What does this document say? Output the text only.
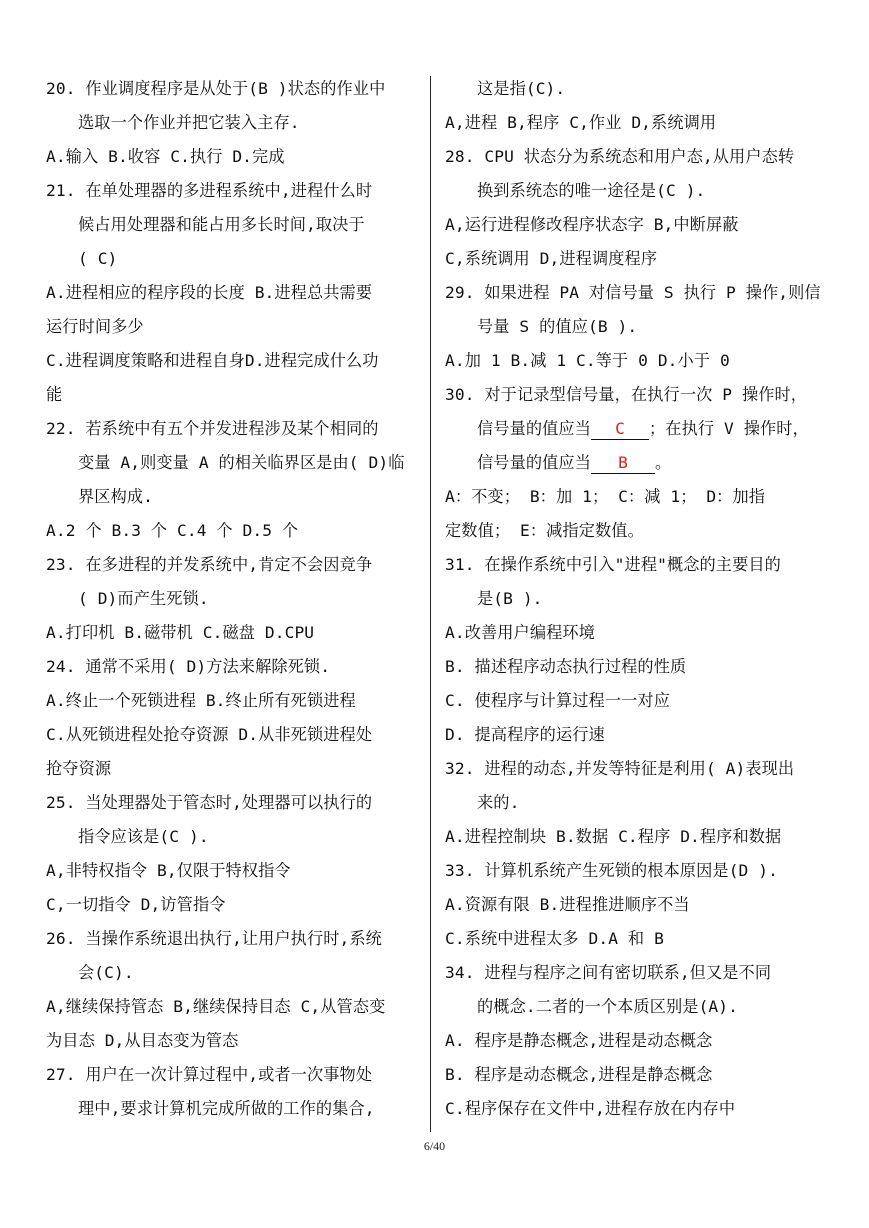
20. 作业调度程序是从处于(B )状态的作业中
选取一个作业并把它装入主存.
A.输入 B.收容 C.执行 D.完成
21. 在单处理器的多进程系统中,进程什么时
候占用处理器和能占用多长时间,取决于
( C)
A.进程相应的程序段的长度 B.进程总共需要
运行时间多少
C.进程调度策略和进程自身D.进程完成什么功
能
22. 若系统中有五个并发进程涉及某个相同的
变量 A,则变量 A 的相关临界区是由( D)临
界区构成.
A.2 个 B.3 个 C.4 个 D.5 个
23. 在多进程的并发系统中,肯定不会因竞争
( D)而产生死锁.
A.打印机 B.磁带机 C.磁盘 D.CPU
24. 通常不采用( D)方法来解除死锁.
A.终止一个死锁进程 B.终止所有死锁进程
C.从死锁进程处抢夺资源 D.从非死锁进程处
抢夺资源
25. 当处理器处于管态时,处理器可以执行的
指令应该是(C ).
A,非特权指令 B,仅限于特权指令
C,一切指令 D,访管指令
26. 当操作系统退出执行,让用户执行时,系统
会(C).
A,继续保持管态 B,继续保持目态 C,从管态变
为目态 D,从目态变为管态
27. 用户在一次计算过程中,或者一次事物处
理中,要求计算机完成所做的工作的集合,
这是指(C).
A,进程 B,程序 C,作业 D,系统调用
28. CPU 状态分为系统态和用户态,从用户态转
换到系统态的唯一途径是(C ).
A,运行进程修改程序状态字 B,中断屏蔽
C,系统调用 D,进程调度程序
29. 如果进程 PA 对信号量 S 执行 P 操作,则信
号量 S 的值应(B ).
A.加 1 B.减 1 C.等于 0 D.小于 0
30. 对于记录型信号量，在执行一次 P 操作时，
信号量的值应当 C ；在执行 V 操作时，
信号量的值应当 B 。
A：不变； B：加 1； C：减 1； D：加指
定数值； E：减指定数值。
31. 在操作系统中引入"进程"概念的主要目的
是(B ).
A.改善用户编程环境
B. 描述程序动态执行过程的性质
C. 使程序与计算过程一一对应
D. 提高程序的运行速
32. 进程的动态,并发等特征是利用( A)表现出
来的.
A.进程控制块 B.数据 C.程序 D.程序和数据
33. 计算机系统产生死锁的根本原因是(D ).
A.资源有限 B.进程推进顺序不当
C.系统中进程太多 D.A 和 B
34. 进程与程序之间有密切联系,但又是不同
的概念.二者的一个本质区别是(A).
A. 程序是静态概念,进程是动态概念
B. 程序是动态概念,进程是静态概念
C.程序保存在文件中,进程存放在内存中
6/40
